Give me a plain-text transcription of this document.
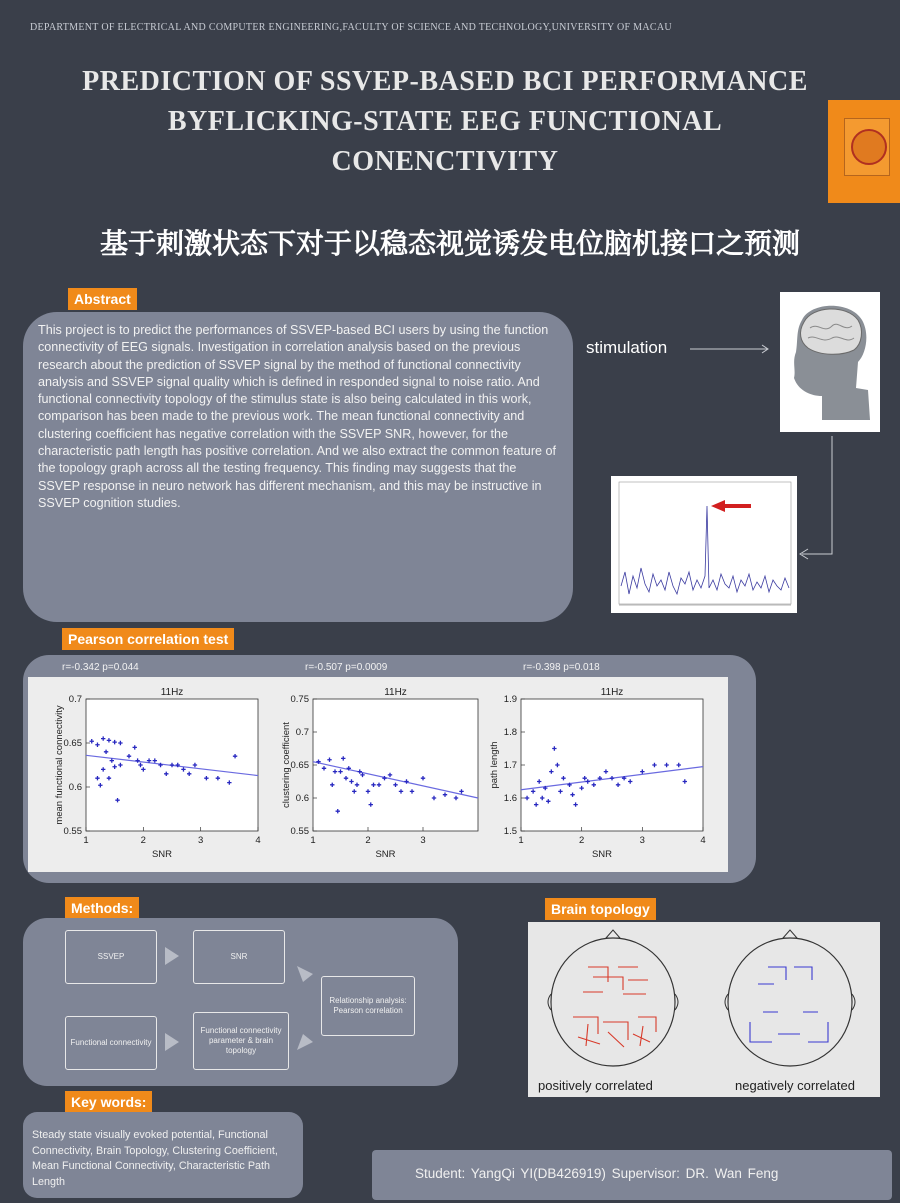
DEPARTMENT OF ELECTRICAL AND COMPUTER ENGINEERING,FACULTY OF SCIENCE AND TECHNOLOGY,UNIVERSITY OF MACAU
PREDICTION OF SSVEP-BASED BCI PERFORMANCE
BYFLICKING-STATE EEG FUNCTIONAL
CONENCTIVITY
基于刺激状态下对于以稳态视觉诱发电位脑机接口之预测
Abstract
This project is to predict the performances of SSVEP-based BCI users by using the function connectivity of EEG signals. Investigation in correlation analysis based on the previous research about the prediction of SSVEP signal by the method of functional connectivity analysis and SSVEP signal quality which is defined in responded signal to noise ratio. And functional connectivity topology of the stimulus state is also being calculated in this work, comparison has been made to the previous work. The mean functional connectivity and clustering coefficient has negative correlation with the SSVEP SNR, however, for the characteristic path length has positive correlation. And we also extract the common feature of the topology graph across all the testing frequency. This finding may suggests that the SSVEP response in neuro network has different mechanism, and this may be instructive in SSVEP cognition studies.
stimulation
Pearson correlation test
r=-0.342 p=0.044	r=-0.507 p=0.0009	r=-0.398 p=0.018
11Hz
0.55
0.6
0.65
0.7
1	2	3	4
SNR
mean functional connectivity
11Hz
0.55
0.6
0.65
0.7
0.75
1	2	3
SNR
clustering coefficient
11Hz
1.5
1.6
1.7
1.8
1.9
1	2	3	4
SNR
path length
Methods:
SSVEP	SNR
Functional connectivity
Functional connectivity parameter & brain topology
Relationship analysis: Pearson correlation
Brain topology
positively correlated	negatively correlated
Key words:
Steady state visually evoked potential, Functional Connectivity, Brain Topology, Clustering Coefficient, Mean Functional Connectivity, Characteristic Path Length
Student: YangQi YI(DB426919) Supervisor: DR. Wan Feng
